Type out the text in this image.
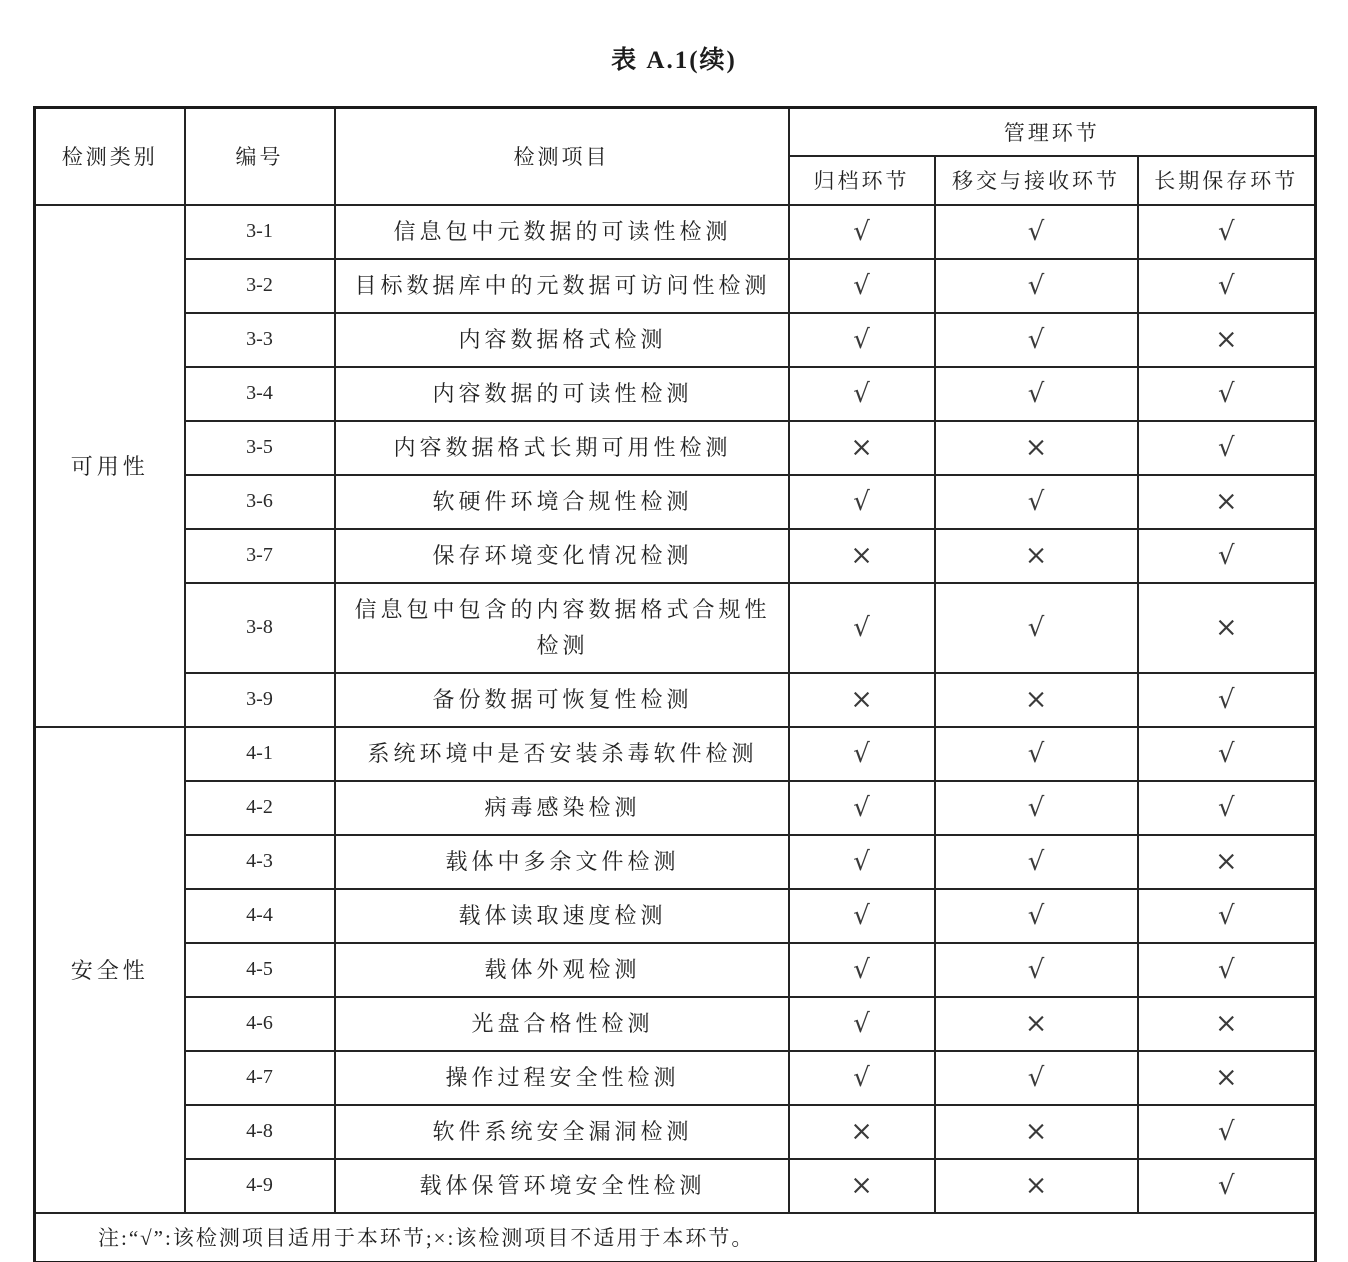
表 A.1(续)
检测类别	编号	检测项目	管理环节		
			归档环节	移交与接收环节	长期保存环节
可用性	3-1	信息包中元数据的可读性检测	√	√	√
	3-2	目标数据库中的元数据可访问性检测	√	√	√
	3-3	内容数据格式检测	√	√	×
	3-4	内容数据的可读性检测	√	√	√
	3-5	内容数据格式长期可用性检测	×	×	√
	3-6	软硬件环境合规性检测	√	√	×
	3-7	保存环境变化情况检测	×	×	√
	3-8	信息包中包含的内容数据格式合规性检测	√	√	×
	3-9	备份数据可恢复性检测	×	×	√
安全性	4-1	系统环境中是否安装杀毒软件检测	√	√	√
	4-2	病毒感染检测	√	√	√
	4-3	载体中多余文件检测	√	√	×
	4-4	载体读取速度检测	√	√	√
	4-5	载体外观检测	√	√	√
	4-6	光盘合格性检测	√	×	×
	4-7	操作过程安全性检测	√	√	×
	4-8	软件系统安全漏洞检测	×	×	√
	4-9	载体保管环境安全性检测	×	×	√
注:“√”:该检测项目适用于本环节;×:该检测项目不适用于本环节。					
